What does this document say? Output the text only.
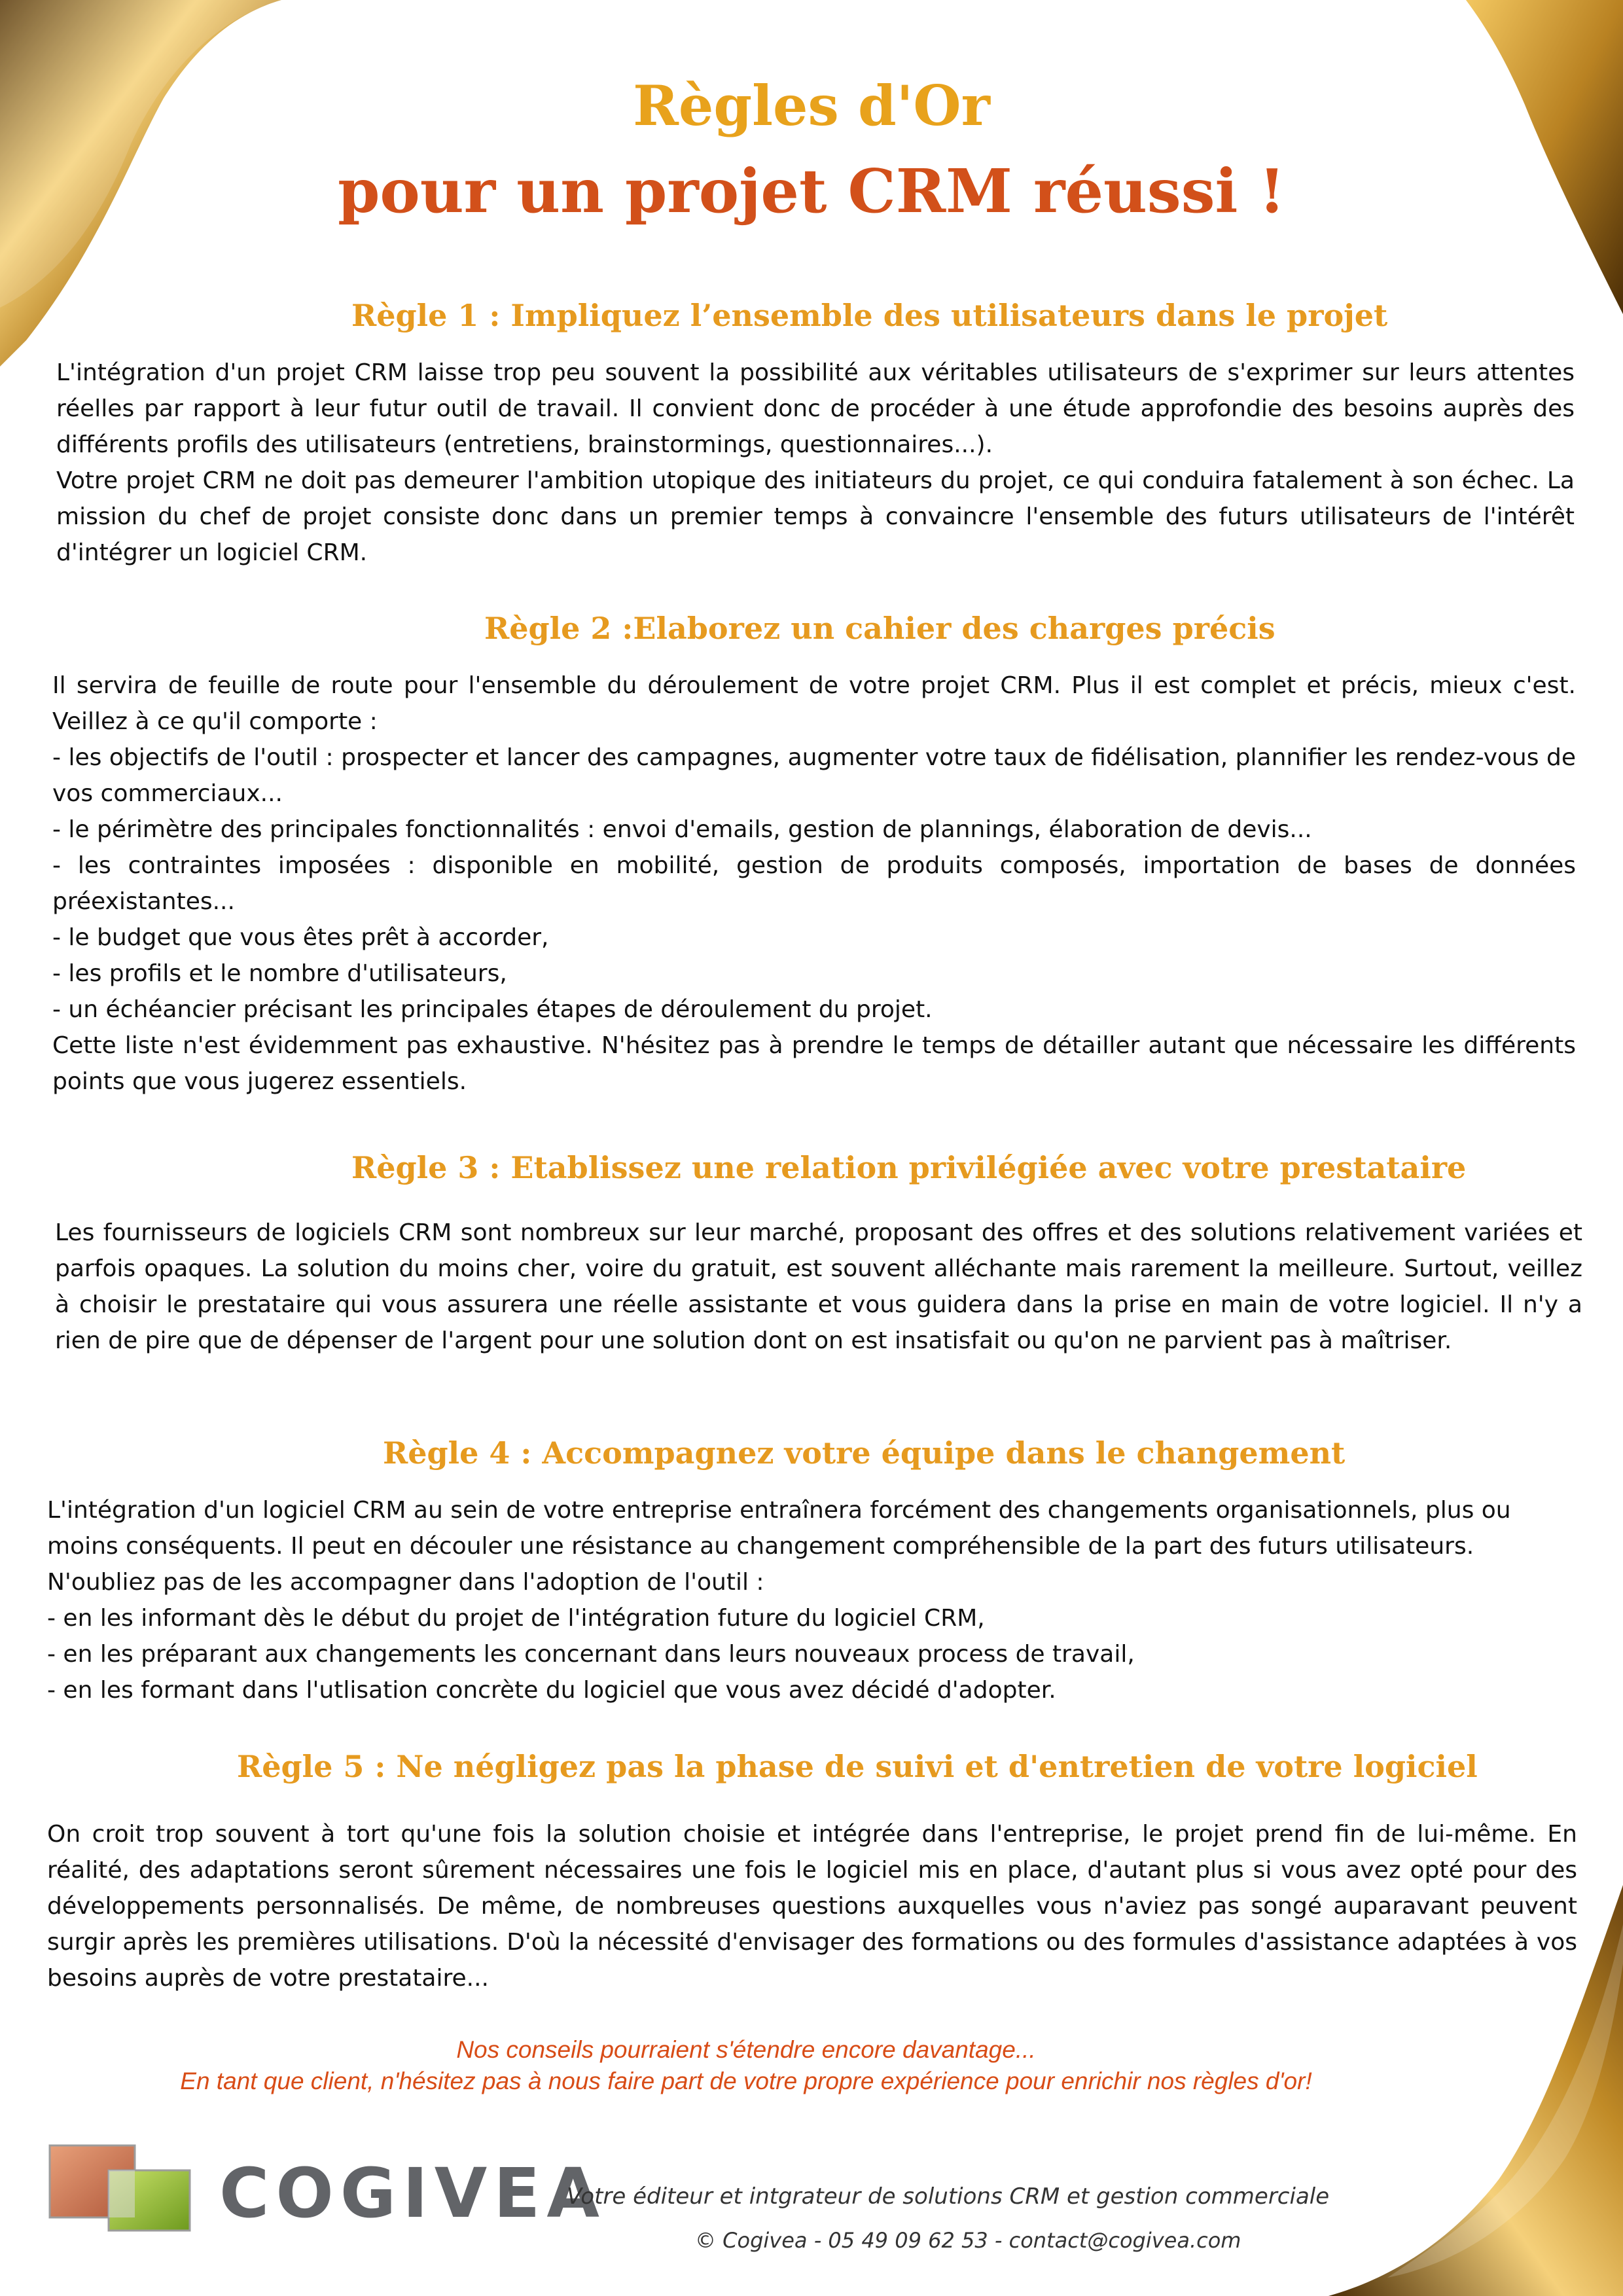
Règles d'Or
pour un projet CRM réussi !
Règle 1 : Impliquez l’ensemble des utilisateurs dans le projet

L'intégration d'un projet CRM laisse trop peu souvent la possibilité aux véritables utilisateurs de s'exprimer sur leurs attentes réelles par rapport à leur futur outil de travail. Il convient donc de procéder à une étude approfondie des besoins auprès des différents profils des utilisateurs (entretiens, brainstormings, questionnaires...).

Votre projet CRM ne doit pas demeurer l'ambition utopique des initiateurs du projet, ce qui conduira fatalement à son échec. La mission du chef de projet consiste donc dans un premier temps à convaincre l'ensemble des futurs utilisateurs de l'intérêt d'intégrer un logiciel CRM.

Règle 2 :Elaborez un cahier des charges précis

Il servira de feuille de route pour l'ensemble du déroulement de votre projet CRM. Plus il est complet et précis, mieux c'est. Veillez à ce qu'il comporte :

- les objectifs de l'outil : prospecter et lancer des campagnes, augmenter votre taux de fidélisation, plannifier les rendez-vous de vos commerciaux...

- le périmètre des principales fonctionnalités : envoi d'emails, gestion de plannings, élaboration de devis...

- les contraintes imposées : disponible en mobilité, gestion de produits composés, importation de bases de données préexistantes...

- le budget que vous êtes prêt à accorder,

- les profils et le nombre d'utilisateurs,

- un échéancier précisant les principales étapes de déroulement du projet.

Cette liste n'est évidemment pas exhaustive. N'hésitez pas à prendre le temps de détailler autant que nécessaire les différents points que vous jugerez essentiels.

Règle 3 : Etablissez une relation privilégiée avec votre prestataire

Les fournisseurs de logiciels CRM sont nombreux sur leur marché, proposant des offres et des solutions relativement variées et parfois opaques. La solution du moins cher, voire du gratuit, est souvent alléchante mais rarement la meilleure. Surtout, veillez à choisir le prestataire qui vous assurera une réelle assistante et vous guidera dans la prise en main de votre logiciel. Il n'y a rien de pire que de dépenser de l'argent pour une solution dont on est insatisfait ou qu'on ne parvient pas à maîtriser.

Règle 4 : Accompagnez votre équipe dans le changement

L'intégration d'un logiciel CRM au sein de votre entreprise entraînera forcément des changements organisationnels, plus ou moins conséquents. Il peut en découler une résistance au changement compréhensible de la part des futurs utilisateurs. N'oubliez pas de les accompagner dans l'adoption de l'outil :

- en les informant dès le début du projet de l'intégration future du logiciel CRM,

- en les préparant aux changements les concernant dans leurs nouveaux process de travail,

- en les formant dans l'utlisation concrète du logiciel que vous avez décidé d'adopter.

Règle 5 : Ne négligez pas la phase de suivi et d'entretien de votre logiciel

On croit trop souvent à tort qu'une fois la solution choisie et intégrée dans l'entreprise, le projet prend fin de lui-même. En réalité, des adaptations seront sûrement nécessaires une fois le logiciel mis en place, d'autant plus si vous avez opté pour des développements personnalisés. De même, de nombreuses questions auxquelles vous n'aviez pas songé auparavant peuvent surgir après les premières utilisations. D'où la nécessité d'envisager des formations ou des formules d'assistance adaptées à vos besoins auprès de votre prestataire...

Nos conseils pourraient s'étendre encore davantage...

En tant que client, n'hésitez pas à nous faire part de votre propre expérience pour enrichir nos règles d'or!

COGIVEA
Votre éditeur et intgrateur de solutions CRM et gestion commerciale
© Cogivea - 05 49 09 62 53 - contact@cogivea.com
